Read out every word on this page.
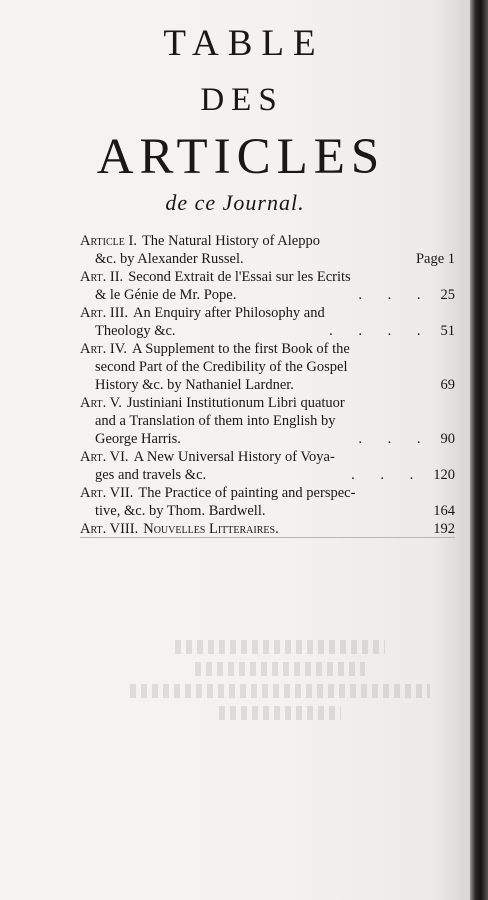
TABLE
DES
ARTICLES
de ce Journal.
Article I. The Natural History of Aleppo
&c. by Alexander Russel.	Page 1
Art. II. Second Extrait de l'Essai sur les Ecrits
& le Génie de Mr. Pope.	. . .	25
Art. III. An Enquiry after Philosophy and
Theology &c.	. . . .	51
Art. IV. A Supplement to the first Book of the
second Part of the Credibility of the Gospel
History &c. by Nathaniel Lardner.	69
Art. V. Justiniani Institutionum Libri quatuor
and a Translation of them into English by
George Harris.	. . .	90
Art. VI. A New Universal History of Voya-
ges and travels &c.	. . .	120
Art. VII. The Practice of painting and perspec-
tive, &c. by Thom. Bardwell.	164
Art. VIII. Nouvelles Litteraires.	192
